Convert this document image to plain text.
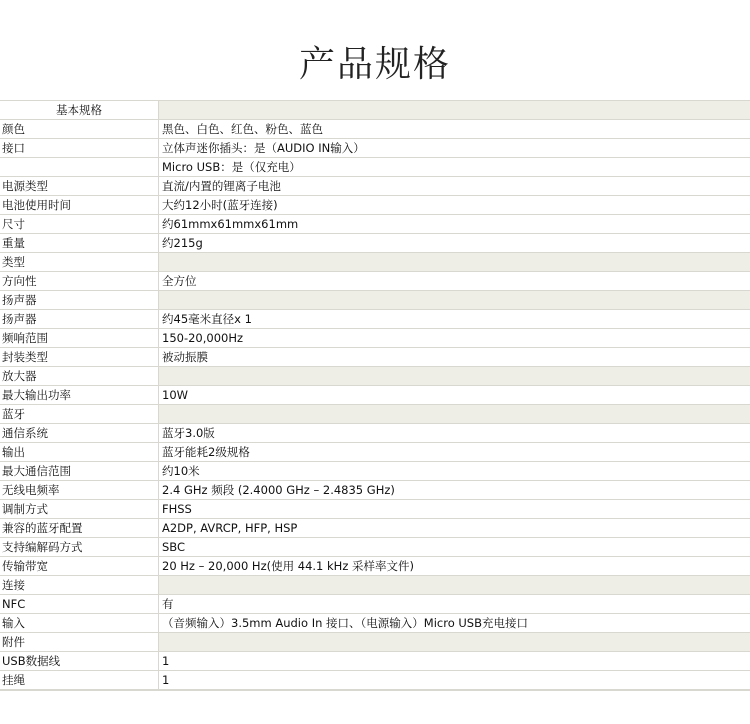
产品规格
基本规格	
颜色	黑色、白色、红色、粉色、蓝色
接口	立体声迷你插头：是（AUDIO IN输入）
	Micro USB：是（仅充电）
电源类型	直流/内置的锂离子电池
电池使用时间	大约12小时(蓝牙连接)
尺寸	约61mmx61mmx61mm
重量	约215g
类型	
方向性	全方位
扬声器	
扬声器	约45毫米直径x 1
频响范围	150-20,000Hz
封装类型	被动振膜
放大器	
最大输出功率	10W
蓝牙	
通信系统	蓝牙3.0版
输出	蓝牙能耗2级规格
最大通信范围	约10米
无线电频率	2.4 GHz 频段 (2.4000 GHz – 2.4835 GHz)
调制方式	FHSS
兼容的蓝牙配置	A2DP, AVRCP, HFP, HSP
支持编解码方式	SBC
传输带宽	20 Hz – 20,000 Hz(使用 44.1 kHz 采样率文件)
连接	
NFC	有
输入	（音频输入）3.5mm Audio In 接口、（电源输入）Micro USB充电接口
附件	
USB数据线	1
挂绳	1
